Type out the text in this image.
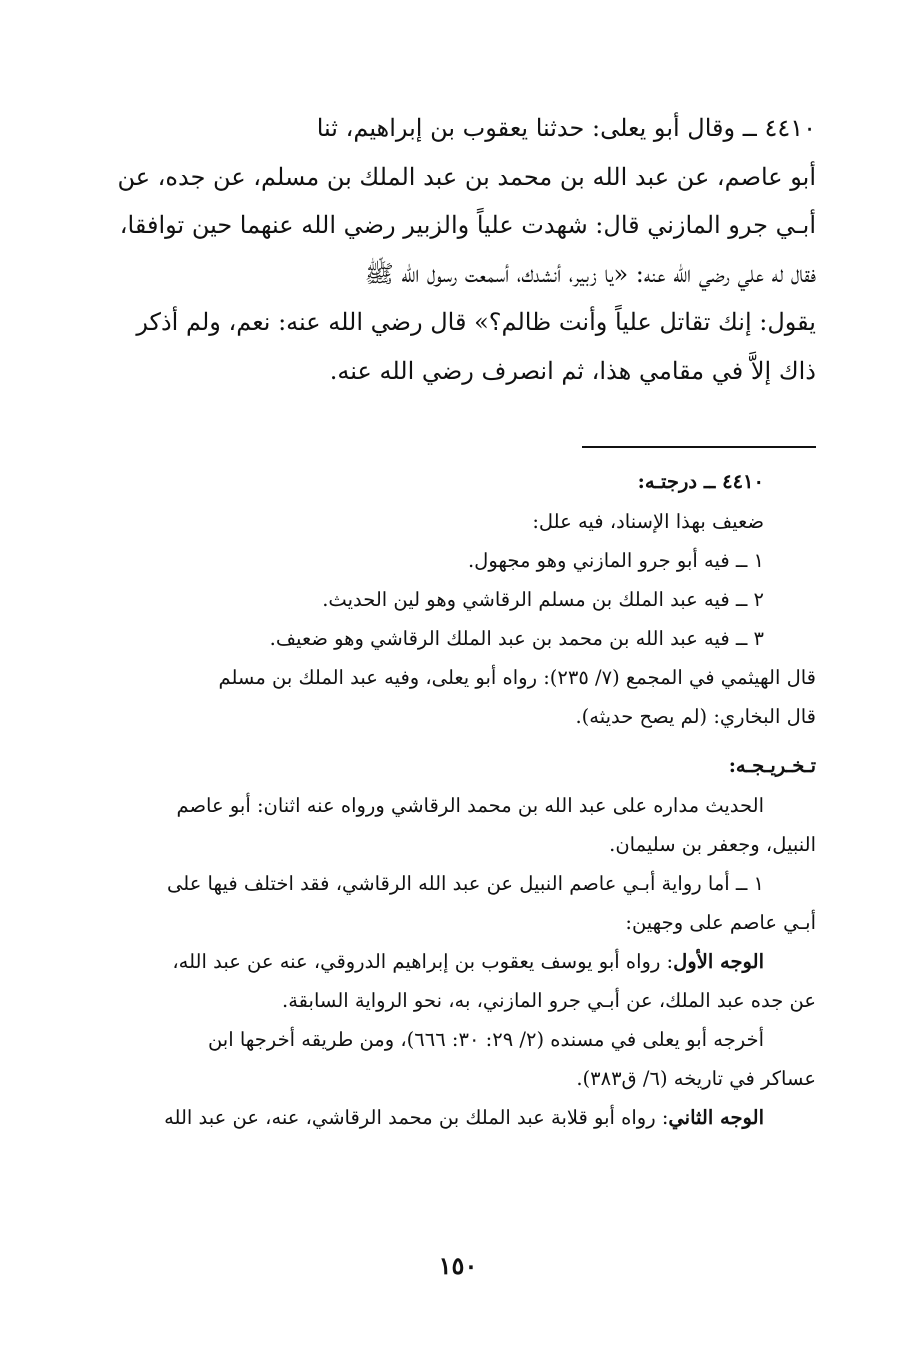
٤٤١٠ ــ وقال أبو يعلى: حدثنا يعقوب بن إبراهيم، ثنا

أبو عاصم، عن عبد الله بن محمد بن عبد الملك بن مسلم، عن جده، عن

أبـي جرو المازني قال: شهدت علياً والزبير رضي الله عنهما حين توافقا،

فقال له علي رضي الله عنه: «يا زبير، أنشدك، أسمعت رسول الله ﷺ

يقول: إنك تقاتل علياً وأنت ظالم؟» قال رضي الله عنه: نعم، ولم أذكر

ذاك إلاَّ في مقامي هذا، ثم انصرف رضي الله عنه.

٤٤١٠ ــ درجتـه:

ضعيف بهذا الإسناد، فيه علل:

١ ــ فيه أبو جرو المازني وهو مجهول.

٢ ــ فيه عبد الملك بن مسلم الرقاشي وهو لين الحديث.

٣ ــ فيه عبد الله بن محمد بن عبد الملك الرقاشي وهو ضعيف.

قال الهيثمي في المجمع (٧/ ٢٣٥): رواه أبو يعلى، وفيه عبد الملك بن مسلم

قال البخاري: (لم يصح حديثه).

تـخـريـجـه:

الحديث مداره على عبد الله بن محمد الرقاشي ورواه عنه اثنان: أبو عاصم

النبيل، وجعفر بن سليمان.

١ ــ أما رواية أبـي عاصم النبيل عن عبد الله الرقاشي، فقد اختلف فيها على

أبـي عاصم على وجهين:

الوجه الأول: رواه أبو يوسف يعقوب بن إبراهيم الدروقي، عنه عن عبد الله،

عن جده عبد الملك، عن أبـي جرو المازني، به، نحو الرواية السابقة.

أخرجه أبو يعلى في مسنده (٢/ ٢٩: ٣٠: ٦٦٦)، ومن طريقه أخرجها ابن

عساكر في تاريخه (٦/ ق٣٨٣).

الوجه الثاني: رواه أبو قلابة عبد الملك بن محمد الرقاشي، عنه، عن عبد الله

١٥٠
